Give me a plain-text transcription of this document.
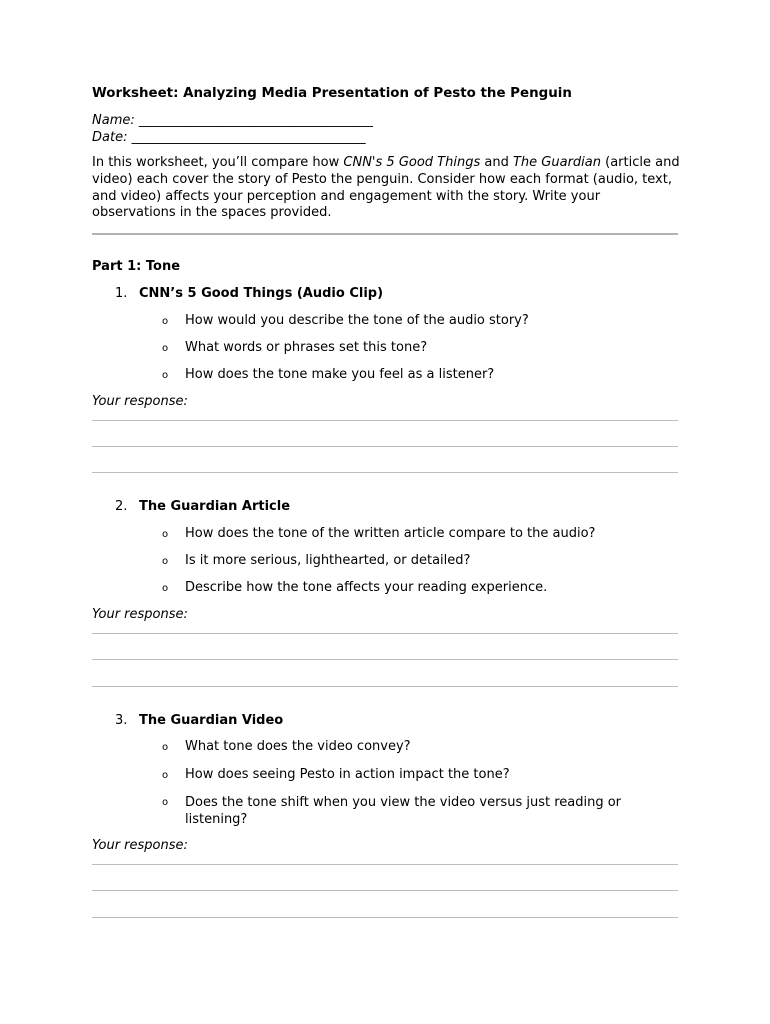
Worksheet: Analyzing Media Presentation of Pesto the Penguin
Name: ____________________________________
Date: ____________________________________
In this worksheet, you’ll compare how CNN's 5 Good Things and The Guardian (article and video) each cover the story of Pesto the penguin. Consider how each format (audio, text, and video) affects your perception and engagement with the story. Write your observations in the spaces provided.
Part 1: Tone
1. CNN’s 5 Good Things (Audio Clip)
o How would you describe the tone of the audio story?
o What words or phrases set this tone?
o How does the tone make you feel as a listener?
Your response:
2. The Guardian Article
o How does the tone of the written article compare to the audio?
o Is it more serious, lighthearted, or detailed?
o Describe how the tone affects your reading experience.
Your response:
3. The Guardian Video
o What tone does the video convey?
o How does seeing Pesto in action impact the tone?
o Does the tone shift when you view the video versus just reading or listening?
Your response:
